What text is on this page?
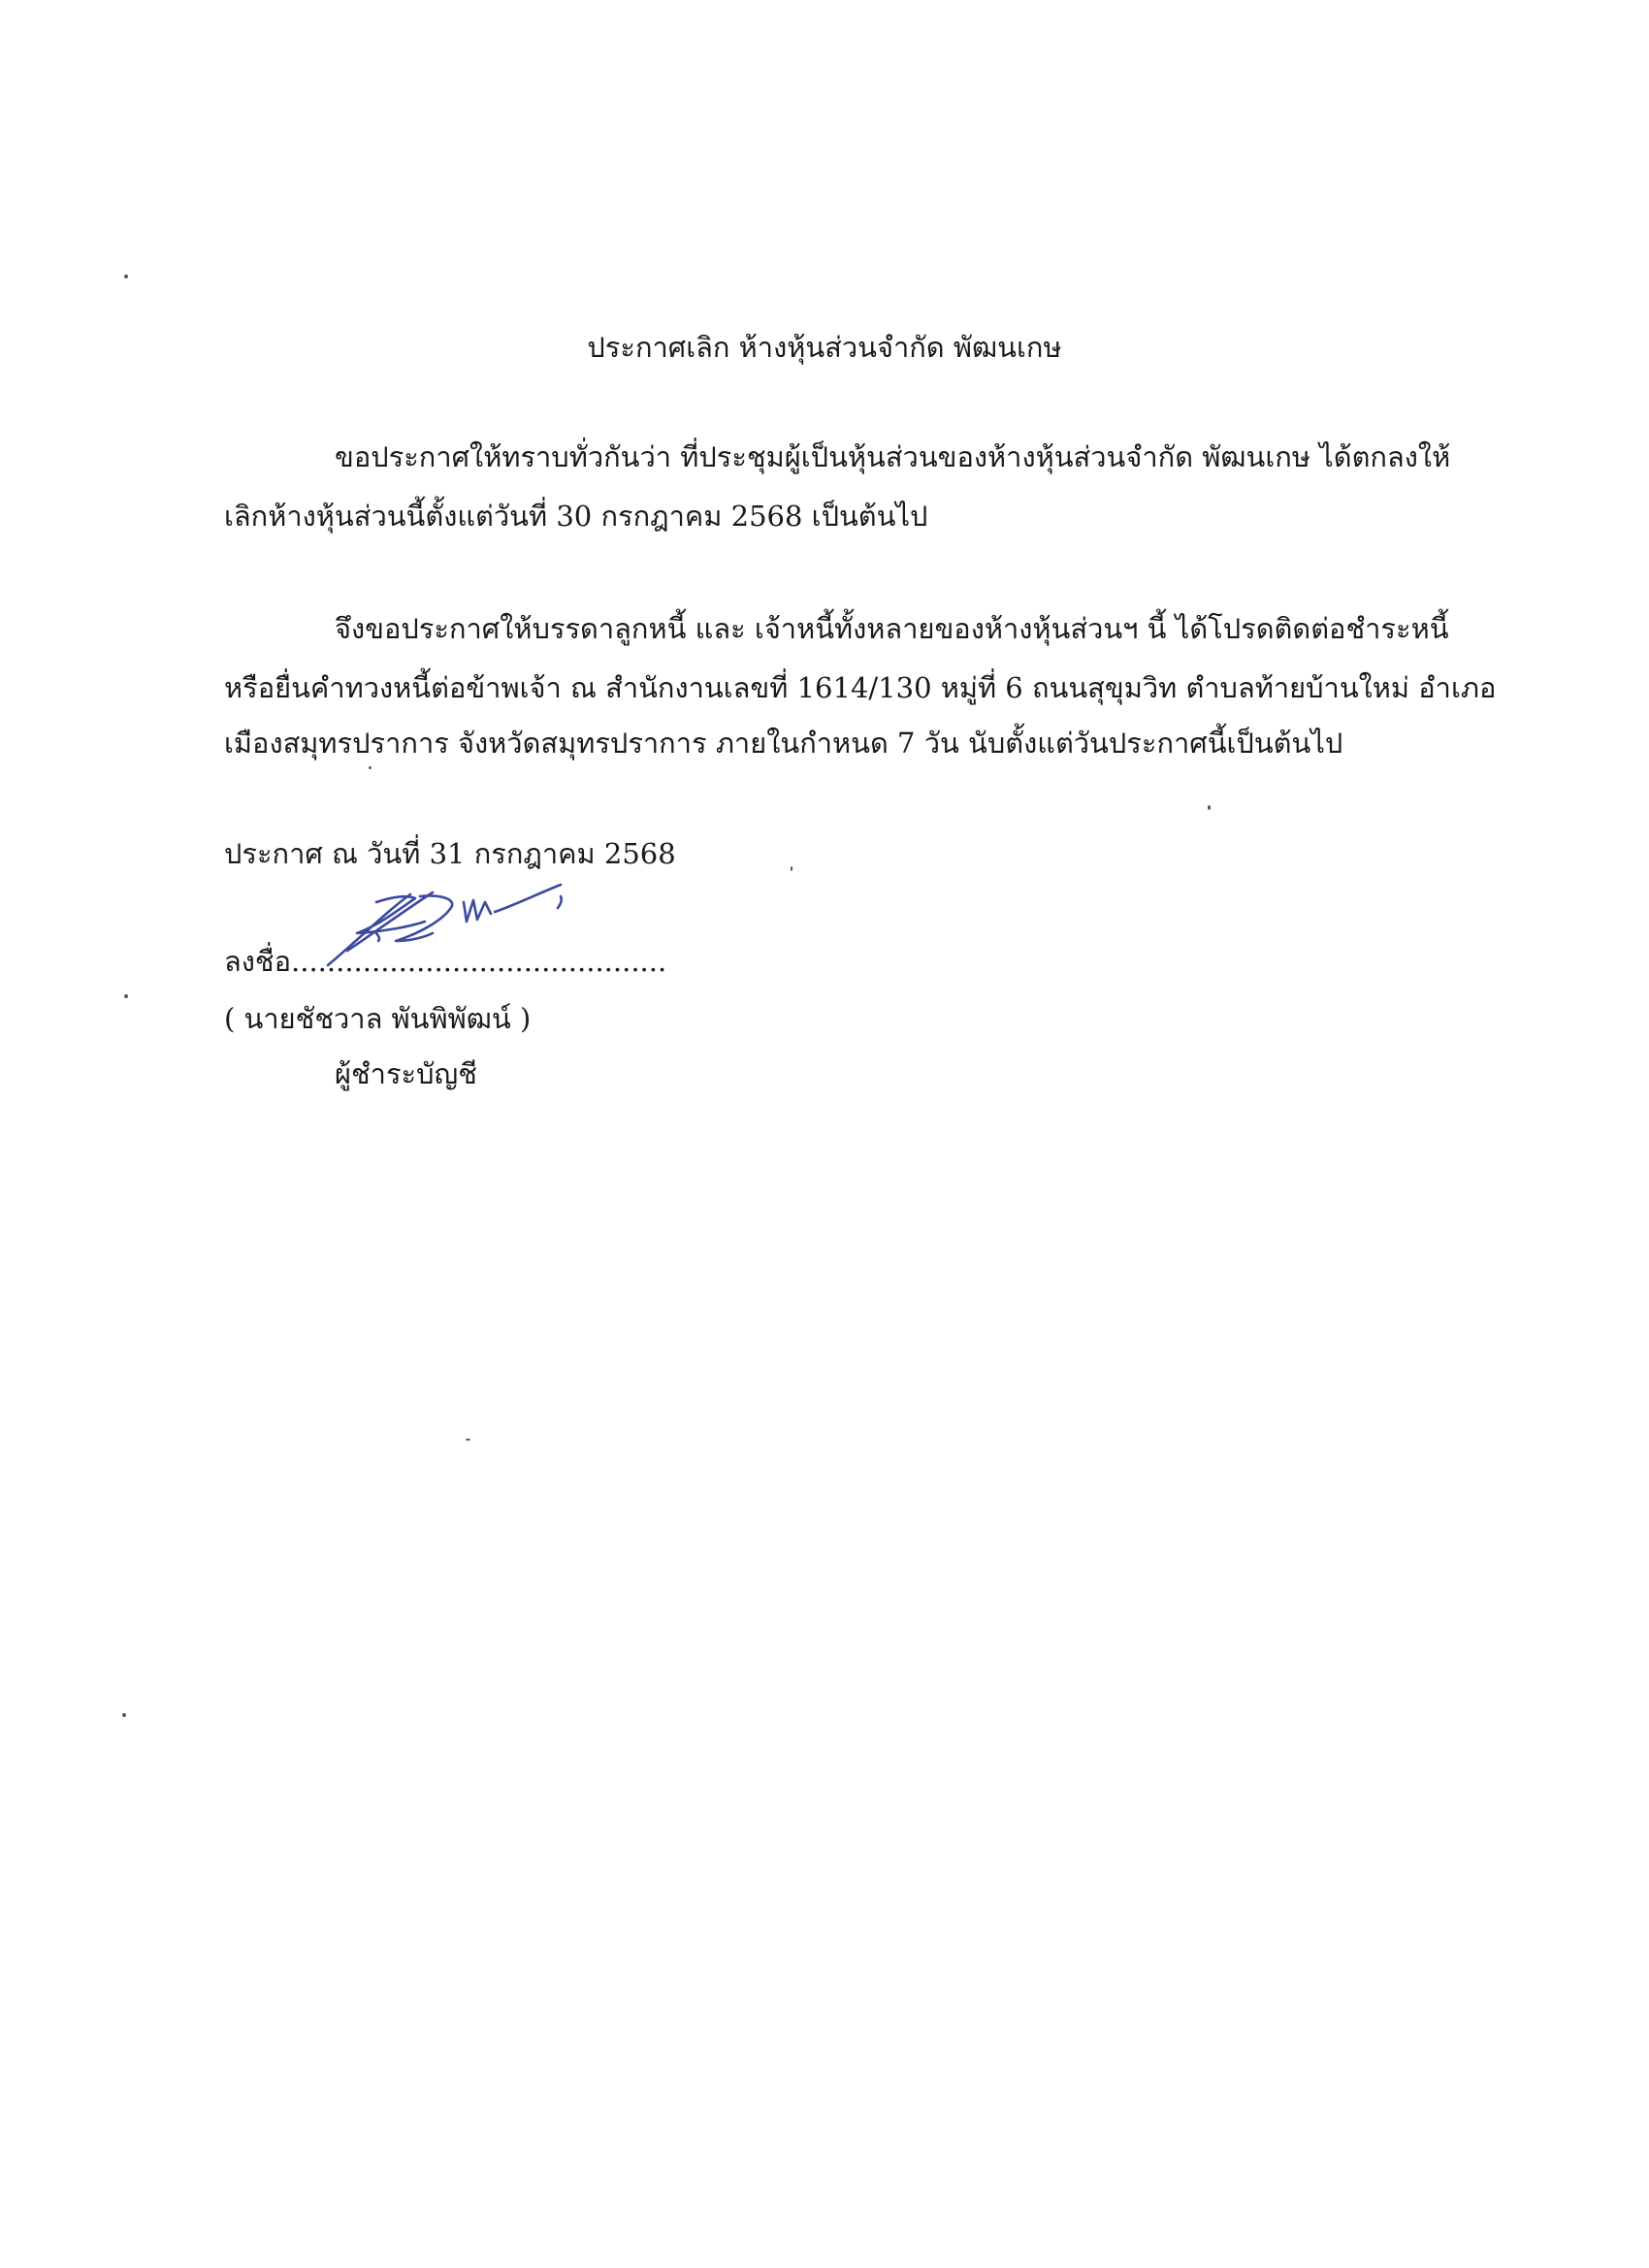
ประกาศเลิก ห้างหุ้นส่วนจำกัด พัฒนเกษ
ขอประกาศให้ทราบทั่วกันว่า ที่ประชุมผู้เป็นหุ้นส่วนของห้างหุ้นส่วนจำกัด พัฒนเกษ ได้ตกลงให้
เลิกห้างหุ้นส่วนนี้ตั้งแต่วันที่ 30 กรกฎาคม 2568 เป็นต้นไป
จึงขอประกาศให้บรรดาลูกหนี้ และ เจ้าหนี้ทั้งหลายของห้างหุ้นส่วนฯ นี้ ได้โปรดติดต่อชำระหนี้
หรือยื่นคำทวงหนี้ต่อข้าพเจ้า ณ สำนักงานเลขที่ 1614/130 หมู่ที่ 6 ถนนสุขุมวิท ตำบลท้ายบ้านใหม่ อำเภอ
เมืองสมุทรปราการ จังหวัดสมุทรปราการ ภายในกำหนด 7 วัน นับตั้งแต่วันประกาศนี้เป็นต้นไป
ประกาศ ณ วันที่ 31 กรกฎาคม 2568
ลงชื่อ..........................................
( นายชัชวาล พันพิพัฒน์ )
ผู้ชำระบัญชี
